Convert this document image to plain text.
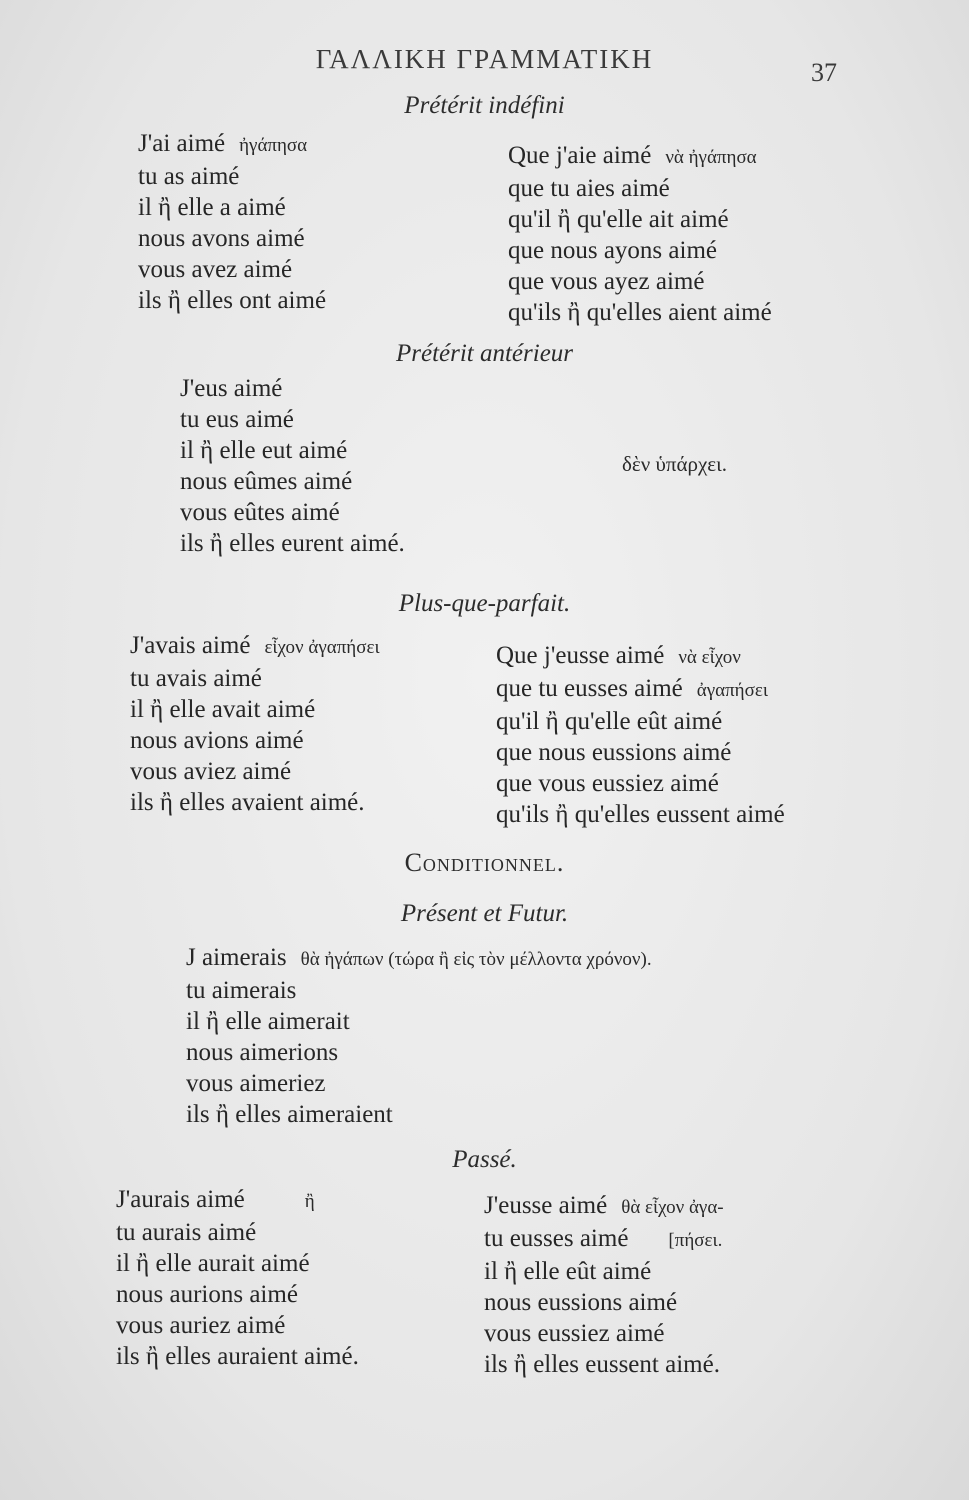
ΓΑΛΛΙΚΗ ΓΡΑΜΜΑΤΙΚΗ	37
Prétérit indéfini
J'ai aimé ἠγάπησα
tu as aimé
il ἢ elle a aimé
nous avons aimé
vous avez aimé
ils ἢ elles ont aimé
Que j'aie aimé νὰ ἠγάπησα
que tu aies aimé
qu'il ἢ qu'elle ait aimé
que nous ayons aimé
que vous ayez aimé
qu'ils ἢ qu'elles aient aimé
Prétérit antérieur
J'eus aimé
tu eus aimé
il ἢ elle eut aimé
nous eûmes aimé
vous eûtes aimé
ils ἢ elles eurent aimé.
δὲν ὑπάρχει.
Plus-que-parfait.
J'avais aimé εἶχον ἀγαπήσει
tu avais aimé
il ἢ elle avait aimé
nous avions aimé
vous aviez aimé
ils ἢ elles avaient aimé.
Que j'eusse aimé νὰ εἶχον
que tu eusses aimé ἀγαπήσει
qu'il ἢ qu'elle eût aimé
que nous eussions aimé
que vous eussiez aimé
qu'ils ἢ qu'elles eussent aimé
Conditionnel.
Présent et Futur.
J aimerais θὰ ἠγάπων (τώρα ἢ εἰς τὸν μέλλοντα χρόνον).
tu aimerais
il ἢ elle aimerait
nous aimerions
vous aimeriez
ils ἢ elles aimeraient
Passé.
J'aurais aimé	ἢ
tu aurais aimé
il ἢ elle aurait aimé
nous aurions aimé
vous auriez aimé
ils ἢ elles auraient aimé.
J'eusse aimé θὰ εἶχον ἀγα-
tu eusses aimé [πήσει.
il ἢ elle eût aimé
nous eussions aimé
vous eussiez aimé
ils ἢ elles eussent aimé.
